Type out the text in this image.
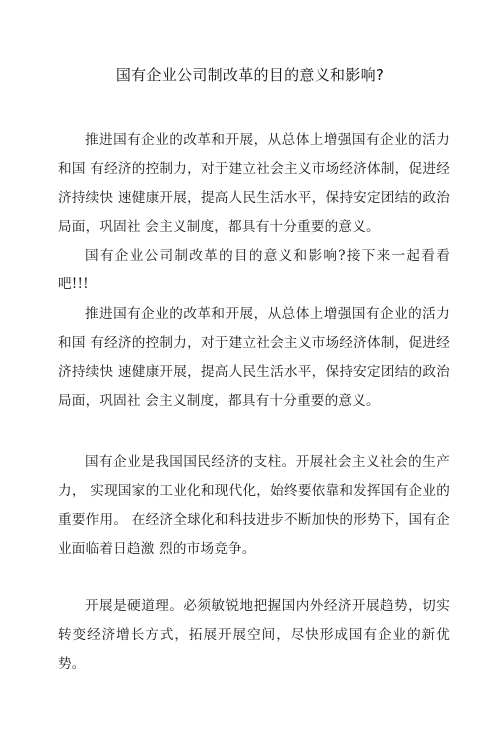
国有企业公司制改革的目的意义和影响?

推进国有企业的改革和开展，从总体上增强国有企业的活力和国 有经济的控制力，对于建立社会主义市场经济体制，促进经济持续快 速健康开展，提高人民生活水平，保持安定团结的政治局面，巩固社 会主义制度，都具有十分重要的意义。

国有企业公司制改革的目的意义和影响?接下来一起看看吧!!!

推进国有企业的改革和开展，从总体上增强国有企业的活力和国 有经济的控制力，对于建立社会主义市场经济体制，促进经济持续快 速健康开展，提高人民生活水平，保持安定团结的政治局面，巩固社 会主义制度，都具有十分重要的意义。

国有企业是我国国民经济的支柱。开展社会主义社会的生产力， 实现国家的工业化和现代化，始终要依靠和发挥国有企业的重要作用。 在经济全球化和科技进步不断加快的形势下，国有企业面临着日趋激 烈的市场竞争。

开展是硬道理。必须敏锐地把握国内外经济开展趋势，切实转变经济增长方式，拓展开展空间，尽快形成国有企业的新优势。
